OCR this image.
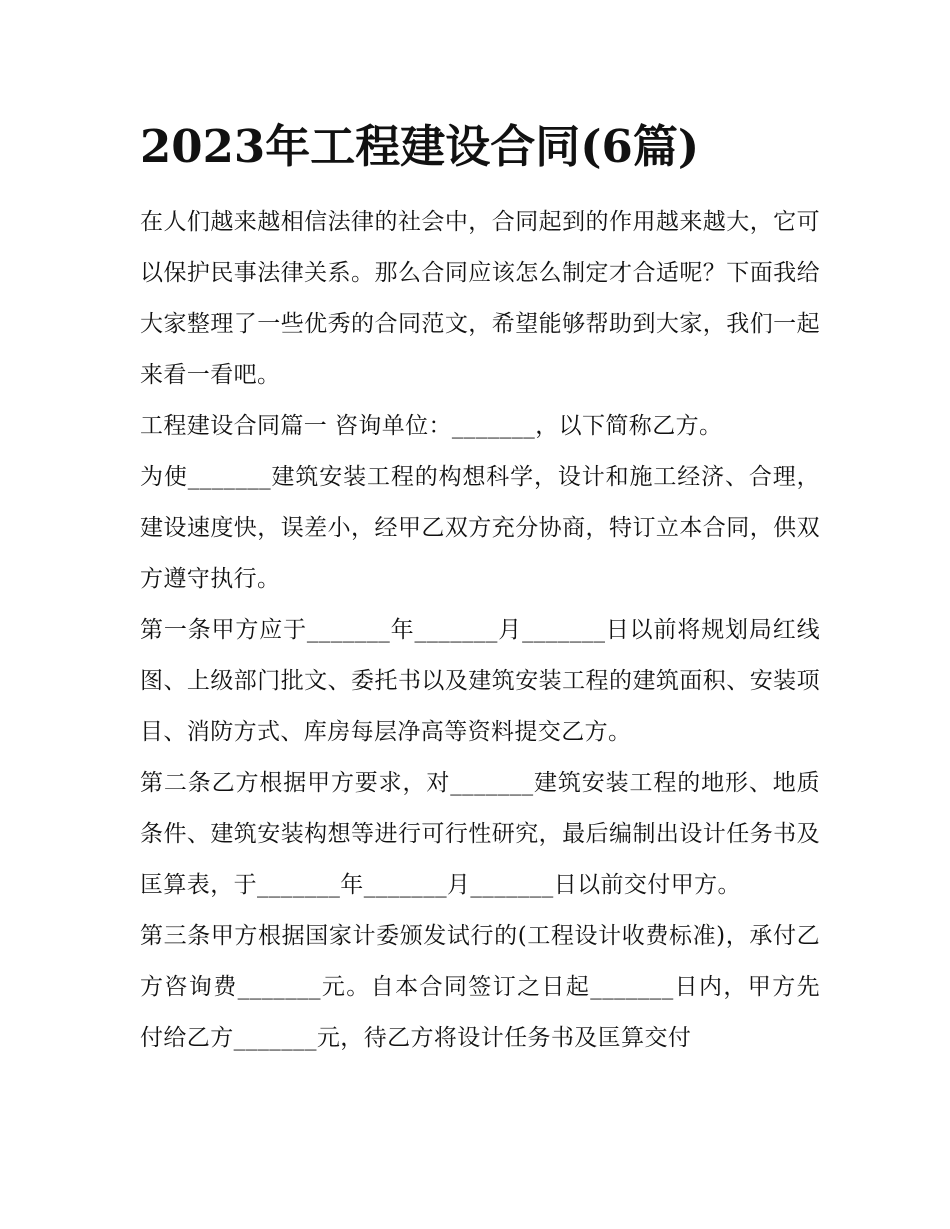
2023年工程建设合同(6篇)

在人们越来越相信法律的社会中，合同起到的作用越来越大，它可以保护民事法律关系。那么合同应该怎么制定才合适呢？下面我给大家整理了一些优秀的合同范文，希望能够帮助到大家，我们一起来看一看吧。

工程建设合同篇一 咨询单位：_______，以下简称乙方。

为使_______建筑安装工程的构想科学，设计和施工经济、合理，建设速度快，误差小，经甲乙双方充分协商，特订立本合同，供双方遵守执行。

第一条甲方应于_______年_______月_______日以前将规划局红线图、上级部门批文、委托书以及建筑安装工程的建筑面积、安装项目、消防方式、库房每层净高等资料提交乙方。

第二条乙方根据甲方要求，对_______建筑安装工程的地形、地质条件、建筑安装构想等进行可行性研究，最后编制出设计任务书及匡算表，于_______年_______月_______日以前交付甲方。

第三条甲方根据国家计委颁发试行的(工程设计收费标准)，承付乙方咨询费_______元。自本合同签订之日起_______日内，甲方先付给乙方_______元，待乙方将设计任务书及匡算交付
